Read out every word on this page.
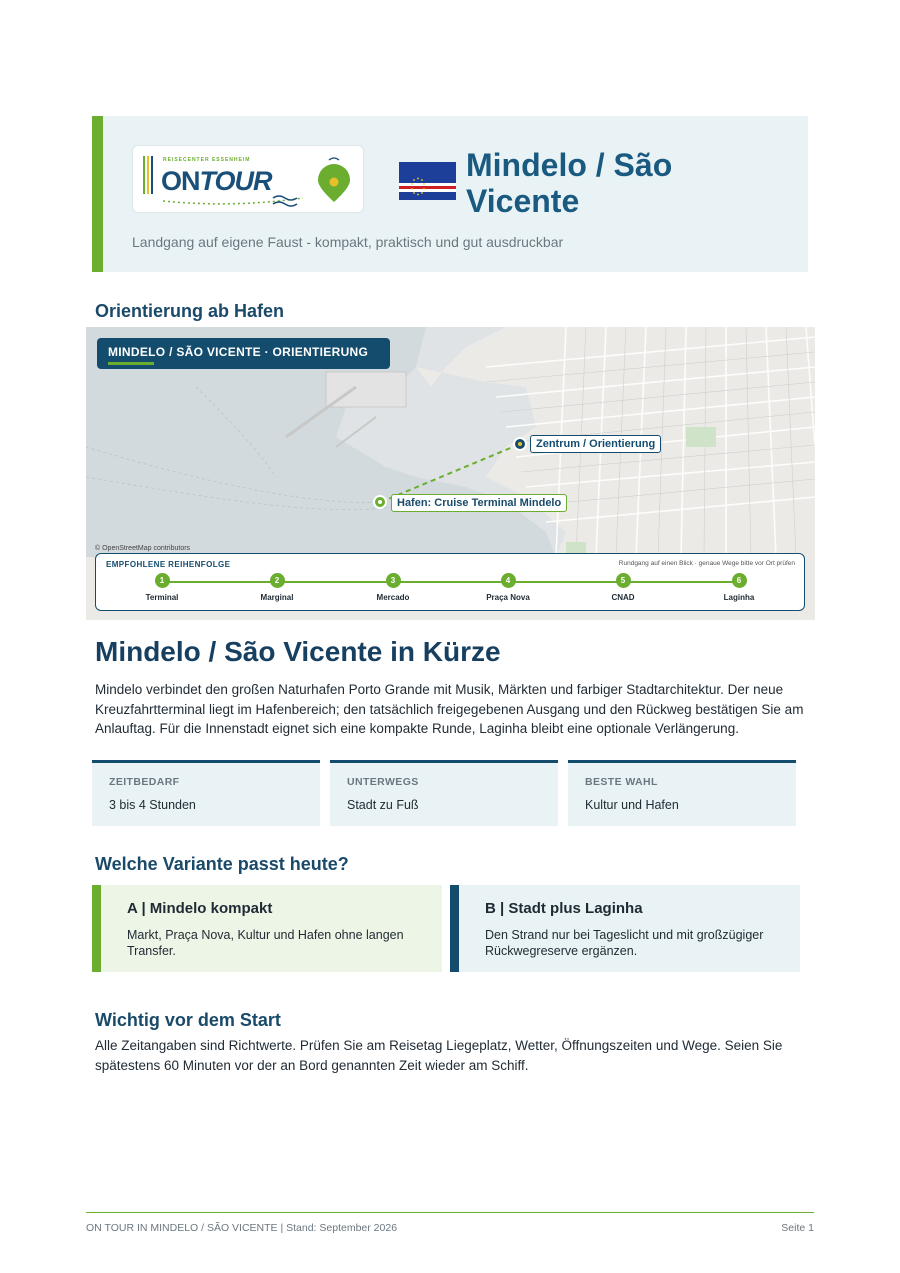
REISECENTER ESSENHEIM
ONTOUR	Mindelo / São Vicente
Landgang auf eigene Faust - kompakt, praktisch und gut ausdruckbar
Orientierung ab Hafen
MINDELO / SÃO VICENTE · ORIENTIERUNG
Zentrum / Orientierung
Hafen: Cruise Terminal Mindelo
© OpenStreetMap contributors
EMPFOHLENE REIHENFOLGE	Rundgang auf einen Blick · genaue Wege bitte vor Ort prüfen
1
Terminal
2
Marginal
3
Mercado
4
Praça Nova
5
CNAD
6
Laginha
Mindelo / São Vicente in Kürze
Mindelo verbindet den großen Naturhafen Porto Grande mit Musik, Märkten und farbiger Stadtarchitektur. Der neue Kreuzfahrtterminal liegt im Hafenbereich; den tatsächlich freigegebenen Ausgang und den Rückweg bestätigen Sie am Anlauftag. Für die Innenstadt eignet sich eine kompakte Runde, Laginha bleibt eine optionale Verlängerung.
ZEITBEDARF
3 bis 4 Stunden
UNTERWEGS
Stadt zu Fuß
BESTE WAHL
Kultur und Hafen
Welche Variante passt heute?
A | Mindelo kompakt
Markt, Praça Nova, Kultur und Hafen ohne langen Transfer.
B | Stadt plus Laginha
Den Strand nur bei Tageslicht und mit großzügiger Rückwegreserve ergänzen.
Wichtig vor dem Start
Alle Zeitangaben sind Richtwerte. Prüfen Sie am Reisetag Liegeplatz, Wetter, Öffnungszeiten und Wege. Seien Sie spätestens 60 Minuten vor der an Bord genannten Zeit wieder am Schiff.
ON TOUR IN MINDELO / SÃO VICENTE | Stand: September 2026	Seite 1
